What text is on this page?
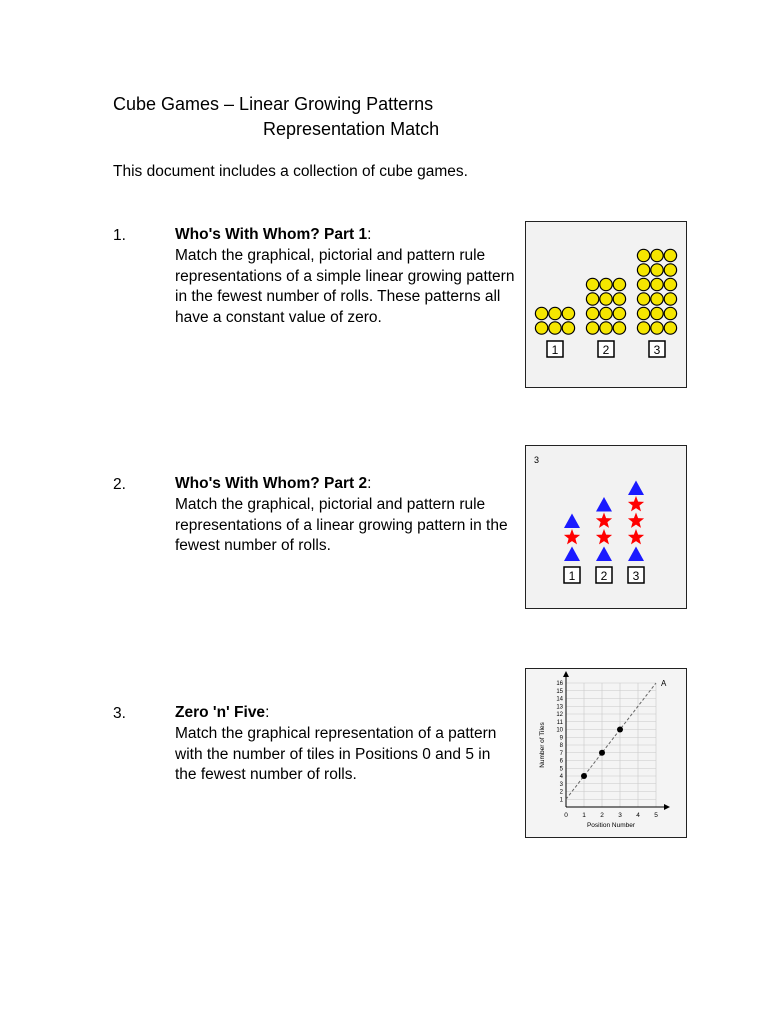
Cube Games – Linear Growing Patterns
Representation Match
This document includes a collection of cube games.
1.	Who's With Whom? Part 1:
Match the graphical, pictorial and pattern rule representations of a simple linear growing pattern in the fewest number of rolls. These patterns all have a constant value of zero.
1	2	3
2.	Who's With Whom? Part 2:
Match the graphical, pictorial and pattern rule representations of a linear growing pattern in the fewest number of rolls.
3
1 2 3
3.	Zero 'n' Five:
Match the graphical representation of a pattern with the number of tiles in Positions 0 and 5 in the fewest number of rolls.
0 1 2 3 4 5
1
2
3
4
5
6
7
8
9
10
11
12
13
14
15
16
Position Number
Number of Tiles
A
